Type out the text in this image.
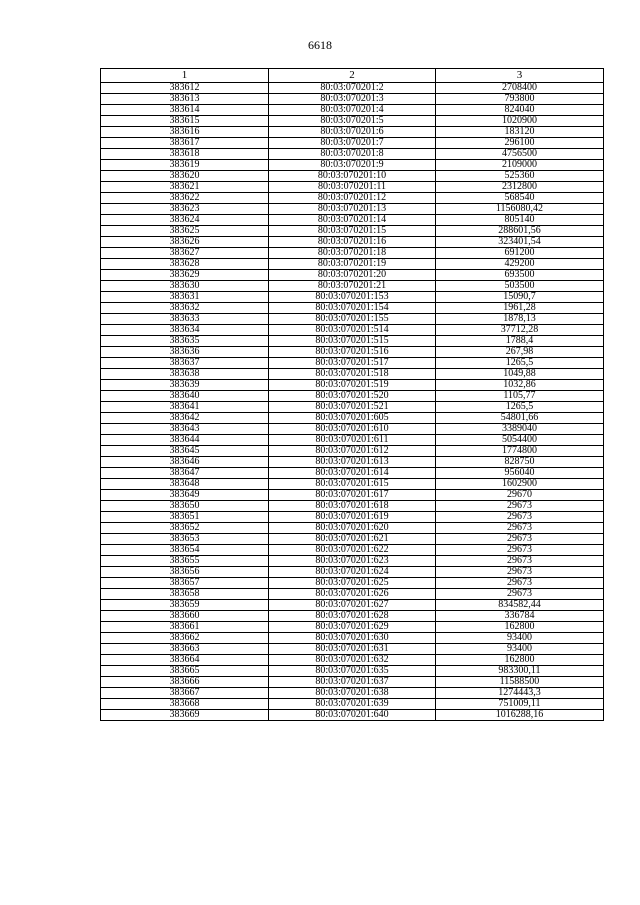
6618
1	2	3
383612	80:03:070201:2	2708400
383613	80:03:070201:3	793800
383614	80:03:070201:4	824040
383615	80:03:070201:5	1020900
383616	80:03:070201:6	183120
383617	80:03:070201:7	296100
383618	80:03:070201:8	4756500
383619	80:03:070201:9	2109000
383620	80:03:070201:10	525360
383621	80:03:070201:11	2312800
383622	80:03:070201:12	568540
383623	80:03:070201:13	1156080,42
383624	80:03:070201:14	805140
383625	80:03:070201:15	288601,56
383626	80:03:070201:16	323401,54
383627	80:03:070201:18	691200
383628	80:03:070201:19	429200
383629	80:03:070201:20	693500
383630	80:03:070201:21	503500
383631	80:03:070201:153	15090,7
383632	80:03:070201:154	1961,28
383633	80:03:070201:155	1878,13
383634	80:03:070201:514	37712,28
383635	80:03:070201:515	1788,4
383636	80:03:070201:516	267,98
383637	80:03:070201:517	1265,5
383638	80:03:070201:518	1049,88
383639	80:03:070201:519	1032,86
383640	80:03:070201:520	1105,77
383641	80:03:070201:521	1265,5
383642	80:03:070201:605	54801,66
383643	80:03:070201:610	3389040
383644	80:03:070201:611	5054400
383645	80:03:070201:612	1774800
383646	80:03:070201:613	828750
383647	80:03:070201:614	956040
383648	80:03:070201:615	1602900
383649	80:03:070201:617	29670
383650	80:03:070201:618	29673
383651	80:03:070201:619	29673
383652	80:03:070201:620	29673
383653	80:03:070201:621	29673
383654	80:03:070201:622	29673
383655	80:03:070201:623	29673
383656	80:03:070201:624	29673
383657	80:03:070201:625	29673
383658	80:03:070201:626	29673
383659	80:03:070201:627	834582,44
383660	80:03:070201:628	336784
383661	80:03:070201:629	162800
383662	80:03:070201:630	93400
383663	80:03:070201:631	93400
383664	80:03:070201:632	162800
383665	80:03:070201:635	983300,11
383666	80:03:070201:637	11588500
383667	80:03:070201:638	1274443,3
383668	80:03:070201:639	751009,11
383669	80:03:070201:640	1016288,16
